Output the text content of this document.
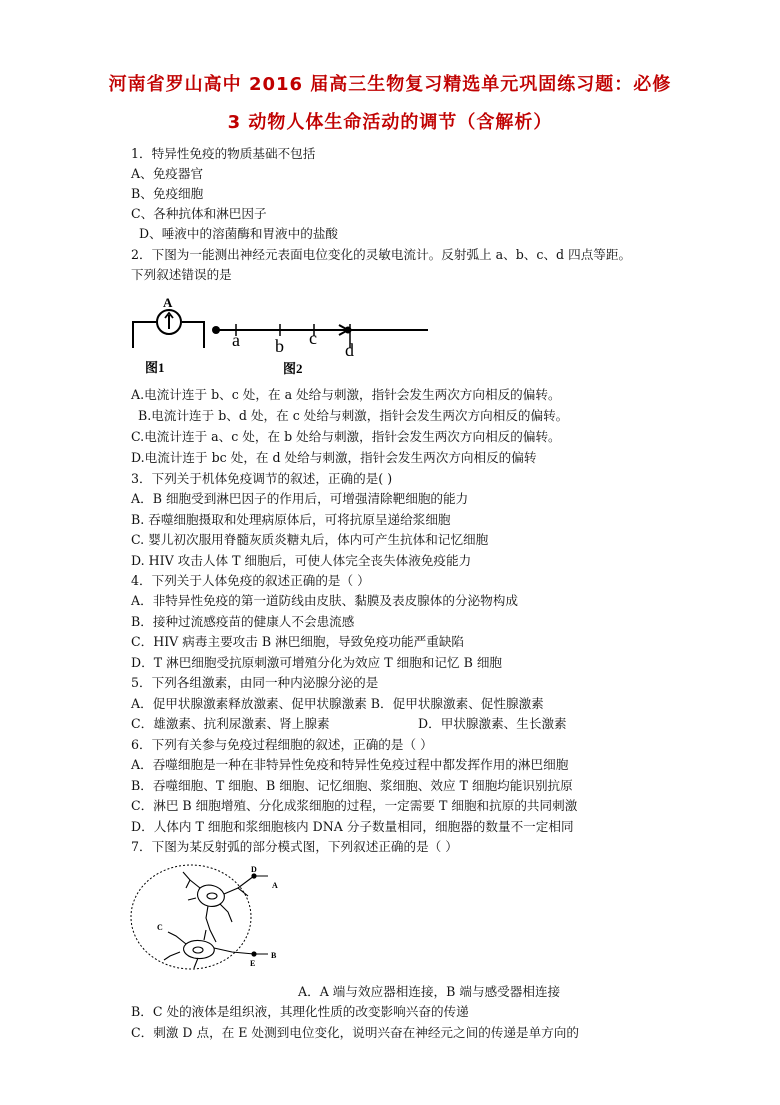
河南省罗山高中 2016 届高三生物复习精选单元巩固练习题：必修
3 动物人体生命活动的调节（含解析）
1．特异性免疫的物质基础不包括
A、免疫器官
B、免疫细胞
C、各种抗体和淋巴因子
D、唾液中的溶菌酶和胃液中的盐酸
2．下图为一能测出神经元表面电位变化的灵敏电流计。反射弧上 a、b、c、d 四点等距。
下列叙述错误的是
A
图1
a b c
d
图2
A.电流计连于 b、c 处，在 a 处给与刺激，指针会发生两次方向相反的偏转。
B.电流计连于 b、d 处，在 c 处给与刺激，指针会发生两次方向相反的偏转。
C.电流计连于 a、c 处，在 b 处给与刺激，指针会发生两次方向相反的偏转。
D.电流计连于 bc 处，在 d 处给与刺激，指针会发生两次方向相反的偏转
3．下列关于机体免疫调节的叙述，正确的是( )
A．B 细胞受到淋巴因子的作用后，可增强清除靶细胞的能力
B. 吞噬细胞摄取和处理病原体后，可将抗原呈递给浆细胞
C. 婴儿初次服用脊髓灰质炎糖丸后，体内可产生抗体和记忆细胞
D. HIV 攻击人体 T 细胞后，可使人体完全丧失体液免疫能力
4．下列关于人体免疫的叙述正确的是（ ）
A．非特异性免疫的第一道防线由皮肤、黏膜及表皮腺体的分泌物构成
B．接种过流感疫苗的健康人不会患流感
C．HIV 病毒主要攻击 B 淋巴细胞，导致免疫功能严重缺陷
D．T 淋巴细胞受抗原刺激可增殖分化为效应 T 细胞和记忆 B 细胞
5．下列各组激素，由同一种内泌腺分泌的是
A．促甲状腺激素释放激素、促甲状腺激素 B．促甲状腺激素、促性腺激素
C．雄激素、抗利尿激素、肾上腺素	D．甲状腺激素、生长激素
6．下列有关参与免疫过程细胞的叙述，正确的是（ ）
A．吞噬细胞是一种在非特异性免疫和特异性免疫过程中都发挥作用的淋巴细胞
B．吞噬细胞、T 细胞、B 细胞、记忆细胞、浆细胞、效应 T 细胞均能识别抗原
C．淋巴 B 细胞增殖、分化成浆细胞的过程，一定需要 T 细胞和抗原的共同刺激
D．人体内 T 细胞和浆细胞核内 DNA 分子数量相同，细胞器的数量不一定相同
7．下图为某反射弧的部分模式图，下列叙述正确的是（ ）
D
A
C
B
E
A．A 端与效应器相连接，B 端与感受器相连接
B．C 处的液体是组织液，其理化性质的改变影响兴奋的传递
C．刺激 D 点，在 E 处测到电位变化，说明兴奋在神经元之间的传递是单方向的
